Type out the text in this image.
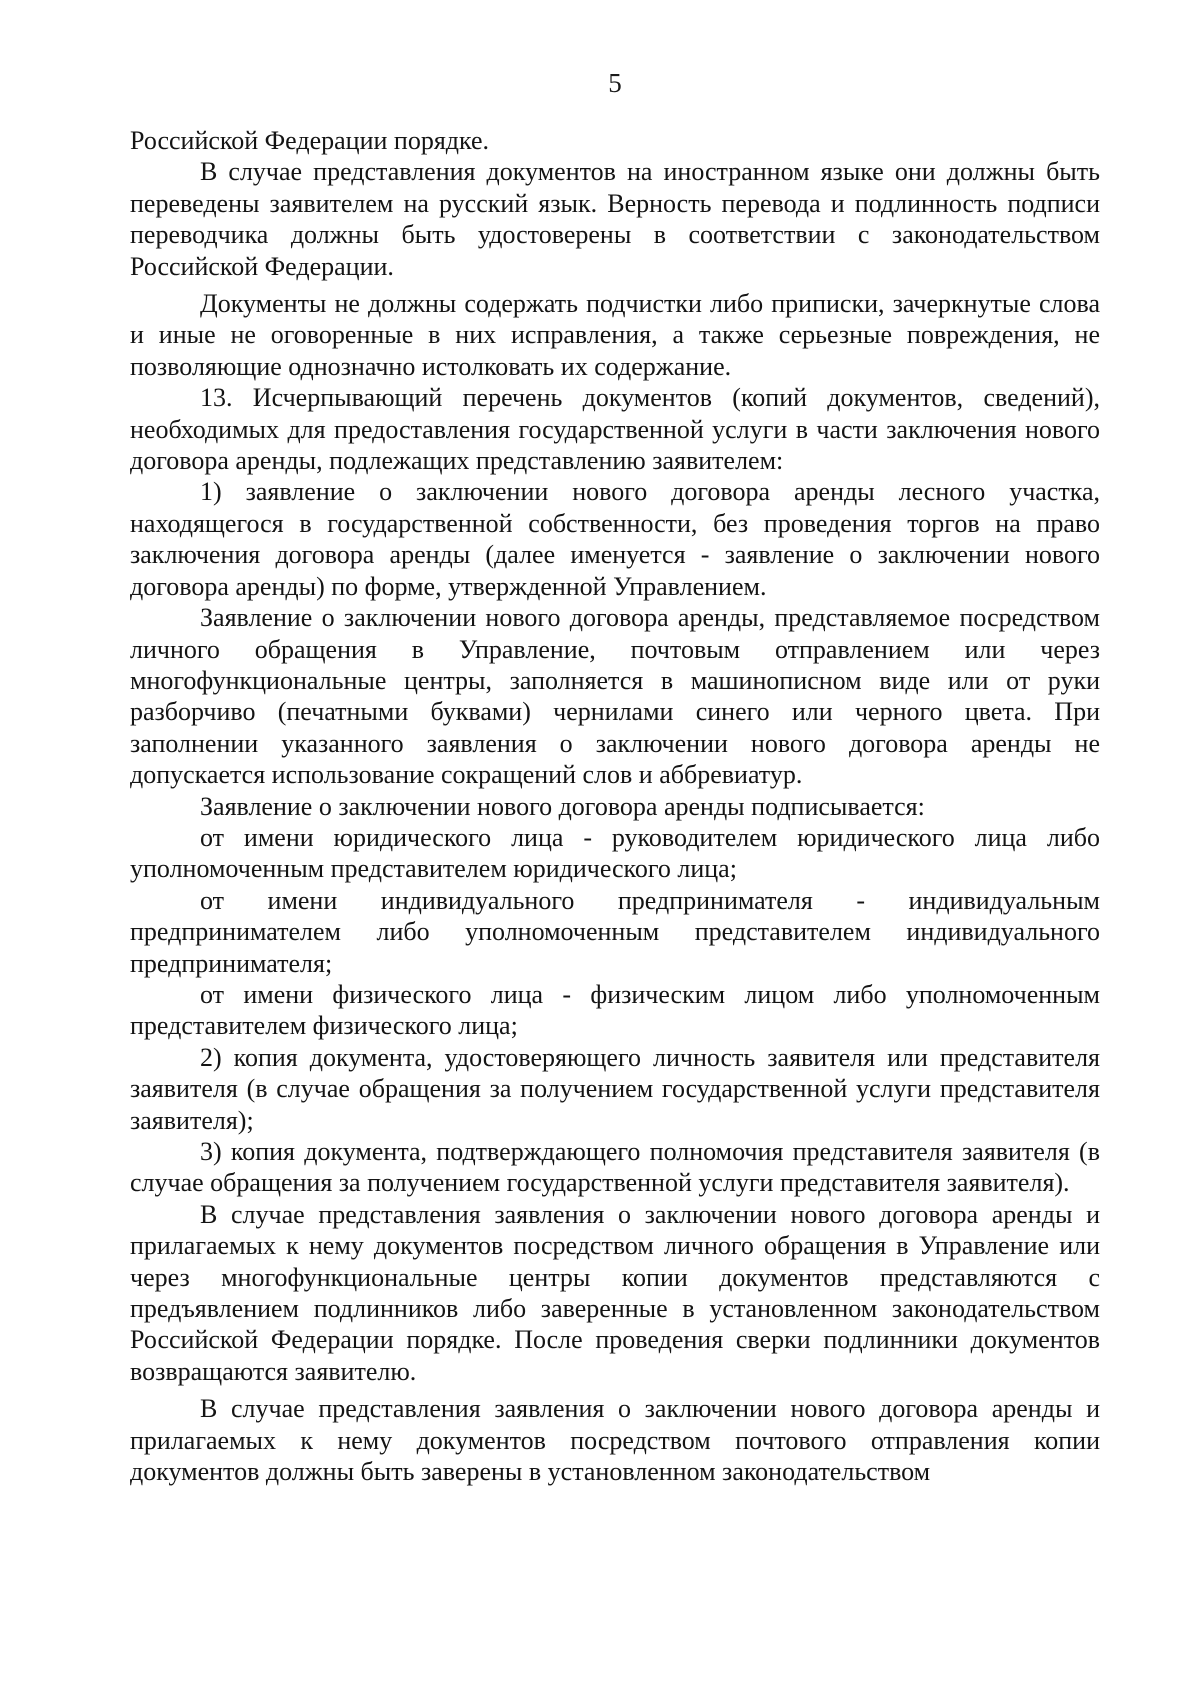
5

Российской Федерации порядке.

В случае представления документов на иностранном языке они должны быть переведены заявителем на русский язык. Верность перевода и подлинность подписи переводчика должны быть удостоверены в соответствии с законодательством Российской Федерации.

Документы не должны содержать подчистки либо приписки, зачеркнутые слова и иные не оговоренные в них исправления, а также серьезные повреждения, не позволяющие однозначно истолковать их содержание.

13. Исчерпывающий перечень документов (копий документов, сведений), необходимых для предоставления государственной услуги в части заключения нового договора аренды, подлежащих представлению заявителем:

1) заявление о заключении нового договора аренды лесного участка, находящегося в государственной собственности, без проведения торгов на право заключения договора аренды (далее именуется - заявление о заключении нового договора аренды) по форме, утвержденной Управлением.

Заявление о заключении нового договора аренды, представляемое посредством личного обращения в Управление, почтовым отправлением или через многофункциональные центры, заполняется в машинописном виде или от руки разборчиво (печатными буквами) чернилами синего или черного цвета. При заполнении указанного заявления о заключении нового договора аренды не допускается использование сокращений слов и аббревиатур.

Заявление о заключении нового договора аренды подписывается:

от имени юридического лица - руководителем юридического лица либо уполномоченным представителем юридического лица;

от имени индивидуального предпринимателя - индивидуальным предпринимателем либо уполномоченным представителем индивидуального предпринимателя;

от имени физического лица - физическим лицом либо уполномоченным представителем физического лица;

2) копия документа, удостоверяющего личность заявителя или представителя заявителя (в случае обращения за получением государственной услуги представителя заявителя);

3) копия документа, подтверждающего полномочия представителя заявителя (в случае обращения за получением государственной услуги представителя заявителя).

В случае представления заявления о заключении нового договора аренды и прилагаемых к нему документов посредством личного обращения в Управление или через многофункциональные центры копии документов представляются с предъявлением подлинников либо заверенные в установленном законодательством Российской Федерации порядке. После проведения сверки подлинники документов возвращаются заявителю.

В случае представления заявления о заключении нового договора аренды и прилагаемых к нему документов посредством почтового отправления копии документов должны быть заверены в установленном законодательством
